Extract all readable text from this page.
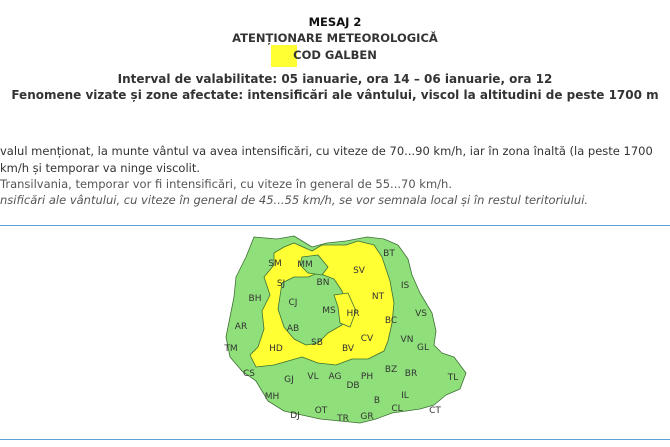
MESAJ 2
ATENȚIONARE METEOROLOGICĂ
COD GALBEN
Interval de valabilitate: 05 ianuarie, ora 14 – 06 ianuarie, ora 12
Fenomene vizate și zone afectate: intensificări ale vântului, viscol la altitudini de peste 1700 m
valul menționat, la munte vântul va avea intensificări, cu viteze de 70...90 km/h, iar în zona înaltă (la peste 1700
km/h și temporar va ninge viscolit.
Transilvania, temporar vor fi intensificări, cu viteze în general de 55...70 km/h.
nsificări ale vântului, cu viteze în general de 45...55 km/h, se vor semnala local și în restul teritoriului.
SM MM
SV
BT
SJ	BN	IS
BH	CJ
NT
MS HR	VS
AR	AB
BC
SB	CV	VN
GL
TM	HD	BV
CS
GJ VL AG PH
BZ BR	TL
MH
DB
IL
B
DJ OT
TR GR
CL	CT
